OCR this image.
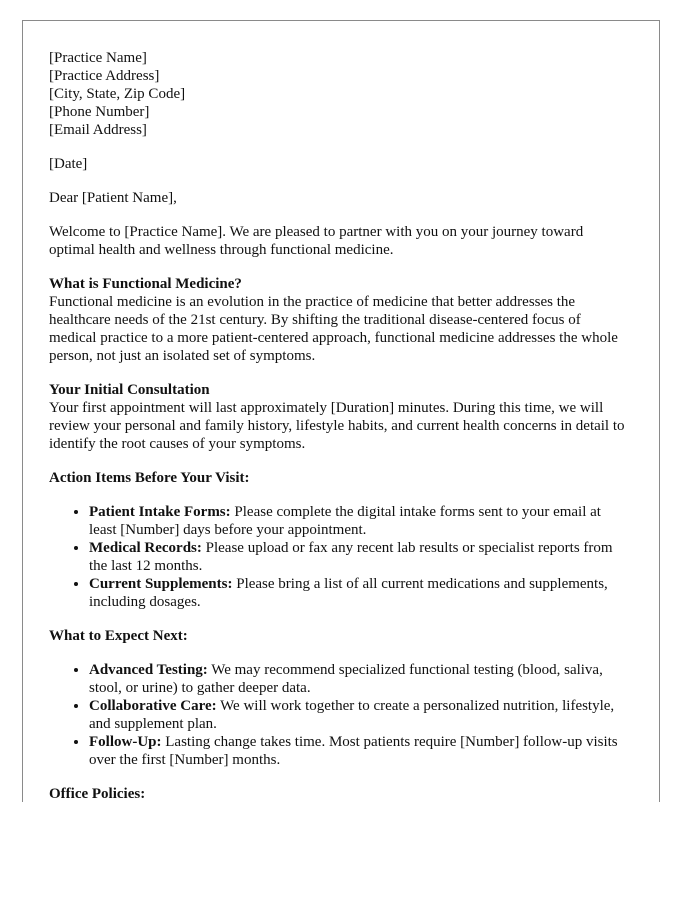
[Practice Name]
[Practice Address]
[City, State, Zip Code]
[Phone Number]
[Email Address]

[Date]

Dear [Patient Name],

Welcome to [Practice Name]. We are pleased to partner with you on your journey toward optimal health and wellness through functional medicine.

What is Functional Medicine?

Functional medicine is an evolution in the practice of medicine that better addresses the healthcare needs of the 21st century. By shifting the traditional disease-centered focus of medical practice to a more patient-centered approach, functional medicine addresses the whole person, not just an isolated set of symptoms.

Your Initial Consultation

Your first appointment will last approximately [Duration] minutes. During this time, we will review your personal and family history, lifestyle habits, and current health concerns in detail to identify the root causes of your symptoms.

Action Items Before Your Visit:
• Patient Intake Forms: Please complete the digital intake forms sent to your email at least [Number] days before your appointment.
• Medical Records: Please upload or fax any recent lab results or specialist reports from the last 12 months.
• Current Supplements: Please bring a list of all current medications and supplements, including dosages.
What to Expect Next:
• Advanced Testing: We may recommend specialized functional testing (blood, saliva, stool, or urine) to gather deeper data.
• Collaborative Care: We will work together to create a personalized nutrition, lifestyle, and supplement plan.
• Follow-Up: Lasting change takes time. Most patients require [Number] follow-up visits over the first [Number] months.
Office Policies:
